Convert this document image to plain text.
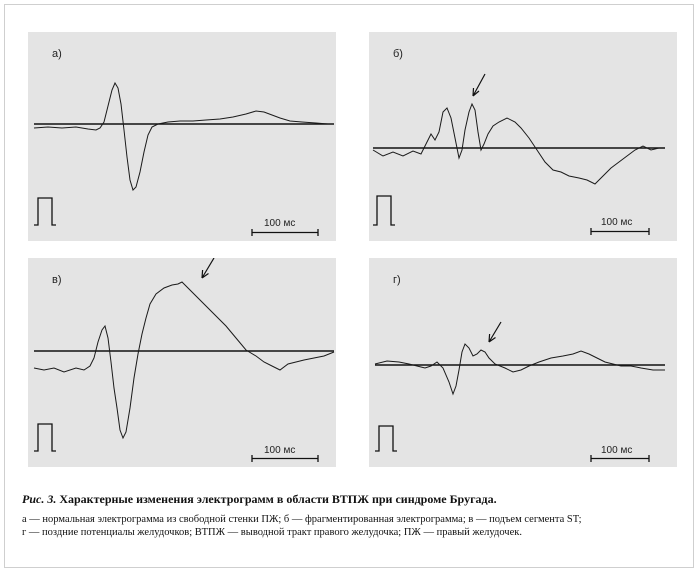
а)
100 мс
б)
100 мс
в)
100 мс
г)
100 мс
Рис. 3. Характерные изменения электрограмм в области ВТПЖ при синдроме Бругада.
а — нормальная электрограмма из свободной стенки ПЖ; б — фрагментированная электрограмма; в — подъем сегмента ST;
г — поздние потенциалы желудочков; ВТПЖ — выводной тракт правого желудочка; ПЖ — правый желудочек.
